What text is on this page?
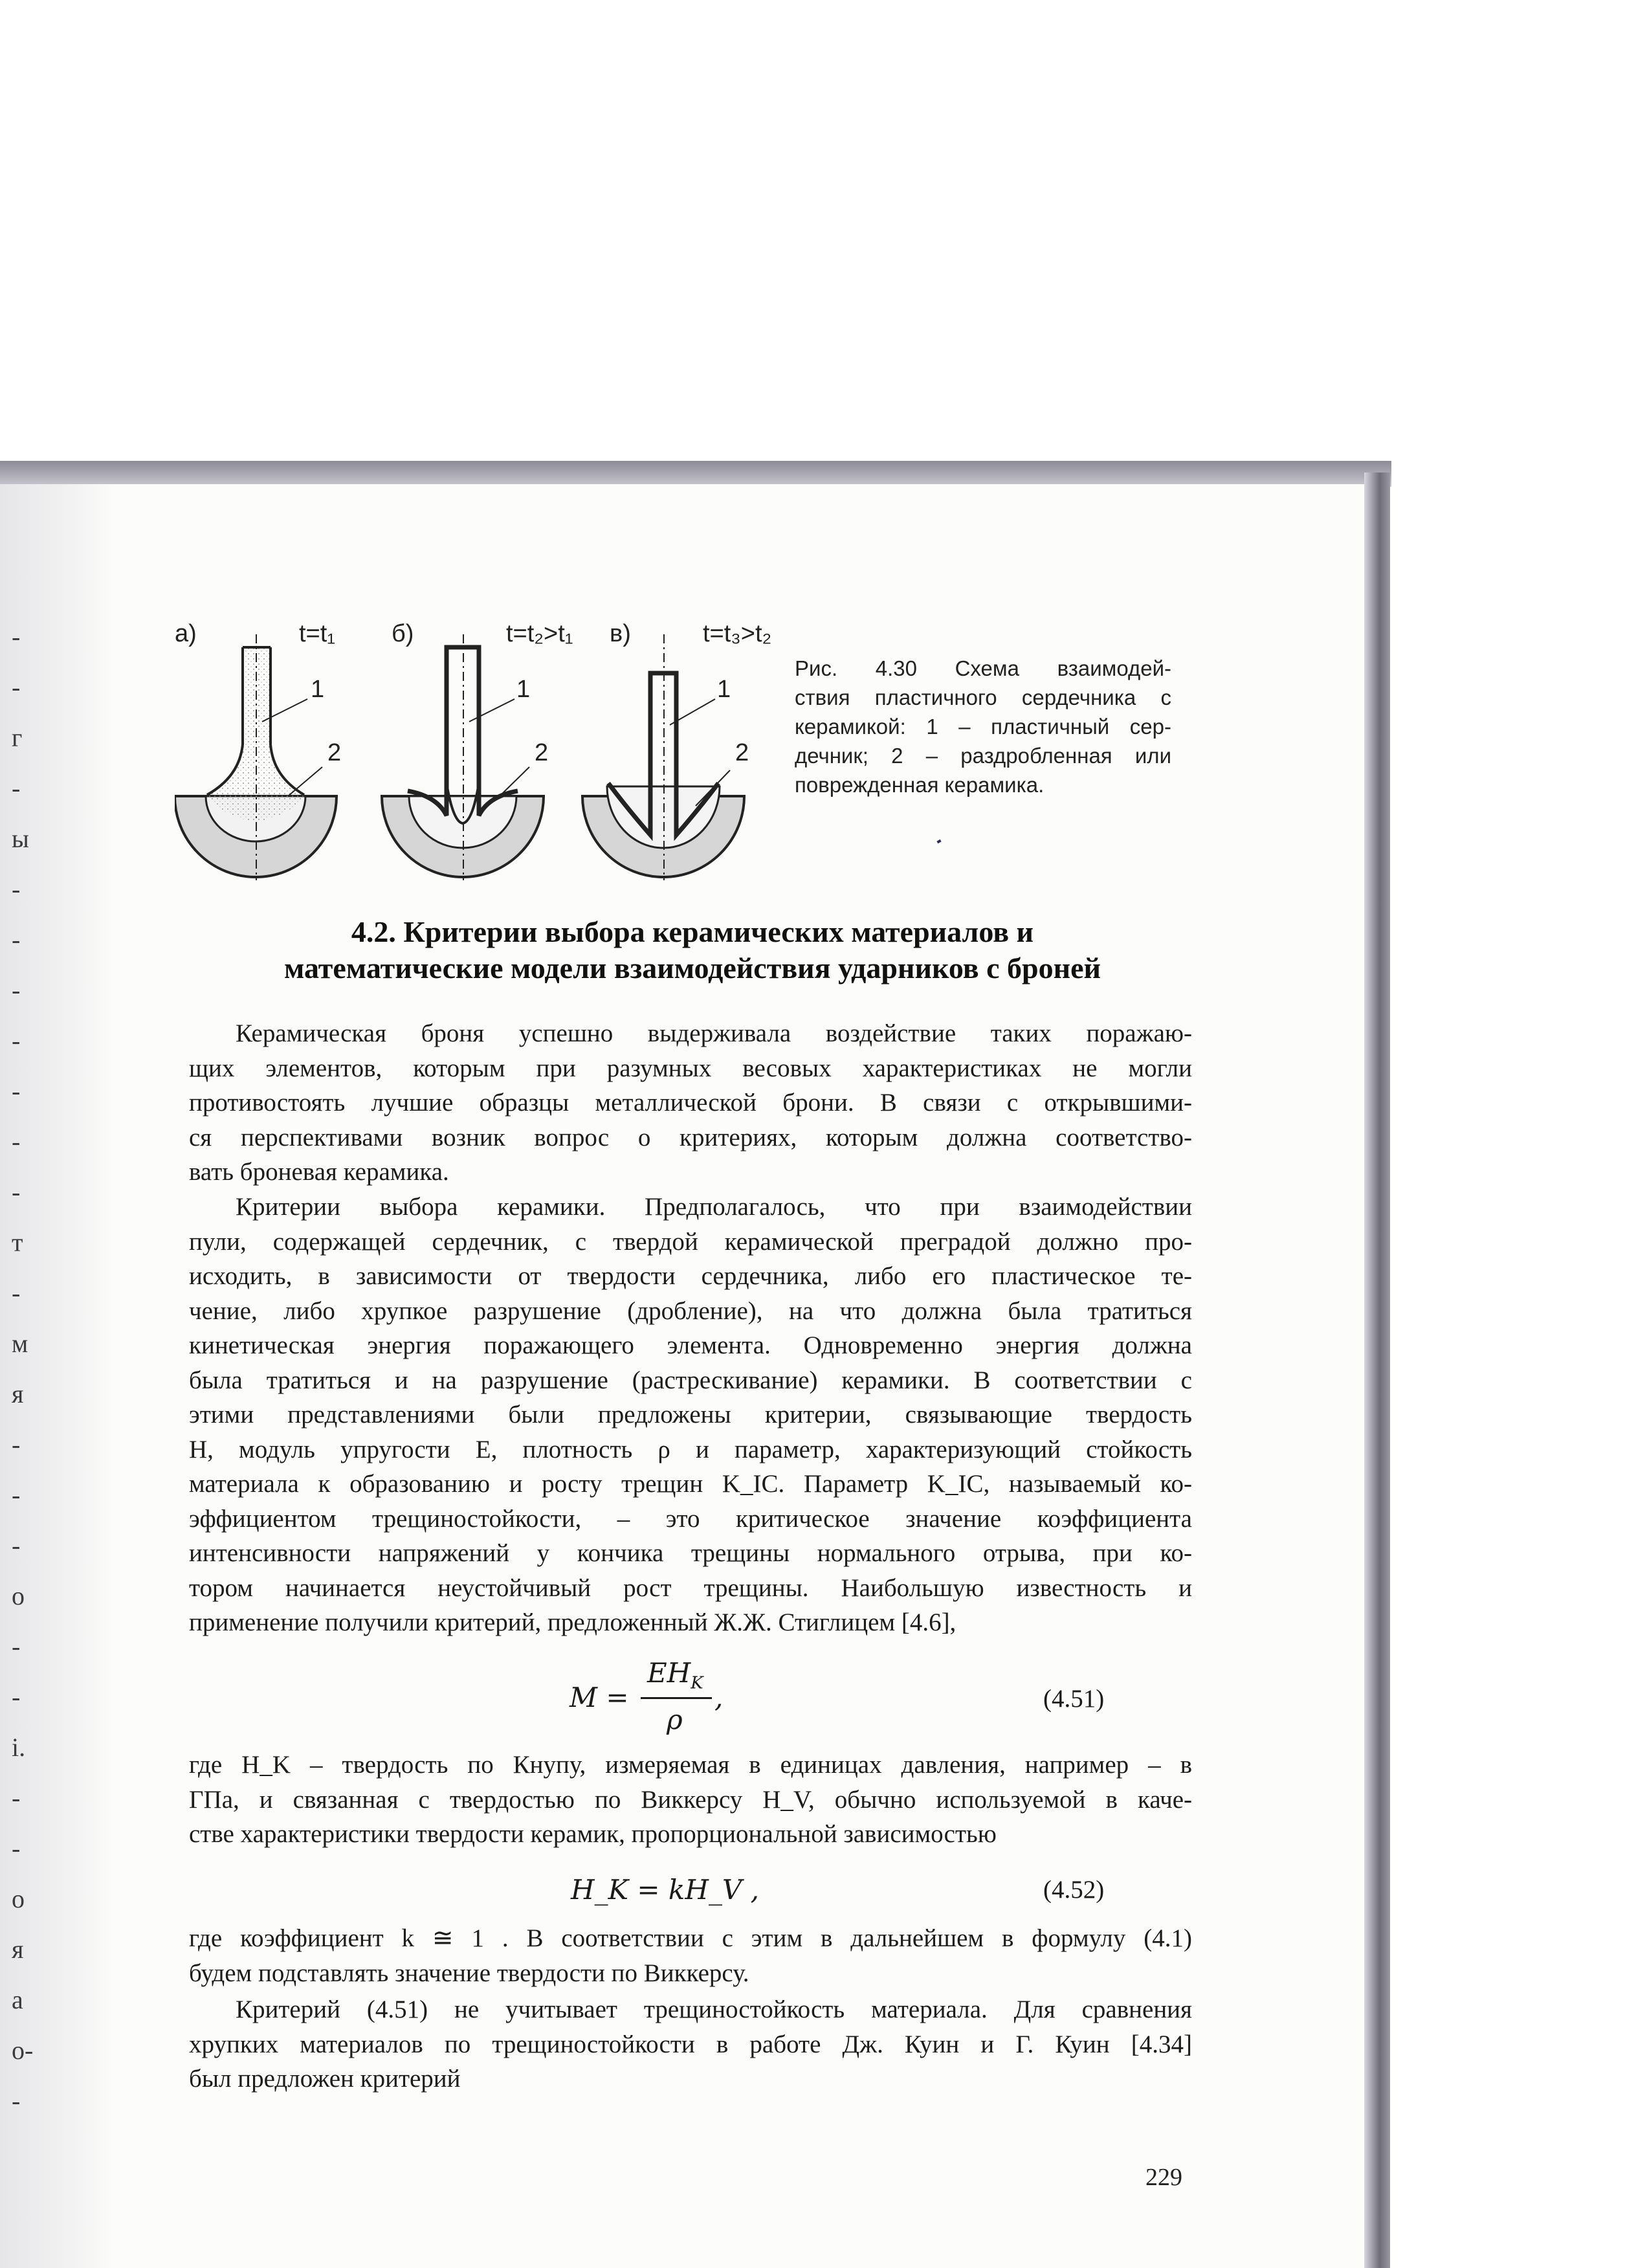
-
-
г
-
ы
-
-
-
-
-
-
-
т
-
м
я
-
-
-
о
-
-
i.
-
-
о
я
а
о-
-
а)	t=t₁
1
2
б)	t=t₂>t₁
1
2
в)	t=t₃>t₂
1
2
Рис. 4.30 Схема взаимодей-
ствия пластичного сердечника с
керамикой: 1 – пластичный сер-
дечник; 2 – раздробленная или
поврежденная керамика.
4.2. Критерии выбора керамических материалов и
математические модели взаимодействия ударников с броней
Керамическая броня успешно выдерживала воздействие таких поражаю-
щих элементов, которым при разумных весовых характеристиках не могли
противостоять лучшие образцы металлической брони. В связи с открывшими-
ся перспективами возник вопрос о критериях, которым должна соответство-
вать броневая керамика.
Критерии выбора керамики. Предполагалось, что при взаимодействии
пули, содержащей сердечник, с твердой керамической преградой должно про-
исходить, в зависимости от твердости сердечника, либо его пластическое те-
чение, либо хрупкое разрушение (дробление), на что должна была тратиться
кинетическая энергия поражающего элемента. Одновременно энергия должна
была тратиться и на разрушение (растрескивание) керамики. В соответствии с
этими представлениями были предложены критерии, связывающие твердость
H, модуль упругости E, плотность ρ и параметр, характеризующий стойкость
материала к образованию и росту трещин K_IC. Параметр K_IC, называемый ко-
эффициентом трещиностойкости, – это критическое значение коэффициента
интенсивности напряжений у кончика трещины нормального отрыва, при ко-
тором начинается неустойчивый рост трещины. Наибольшую известность и
применение получили критерий, предложенный Ж.Ж. Стиглицем [4.6],
M =
$EH_K$
ρ
,	(4.51)
где H_K – твердость по Кнупу, измеряемая в единицах давления, например – в
ГПа, и связанная с твердостью по Виккерсу H_V, обычно используемой в каче-
стве характеристики твердости керамик, пропорциональной зависимостью
H_K = kH_V ,	(4.52)
где коэффициент k ≅ 1 . В соответствии с этим в дальнейшем в формулу (4.1)
будем подставлять значение твердости по Виккерсу.
Критерий (4.51) не учитывает трещиностойкость материала. Для сравнения
хрупких материалов по трещиностойкости в работе Дж. Куин и Г. Куин [4.34]
был предложен критерий
229
